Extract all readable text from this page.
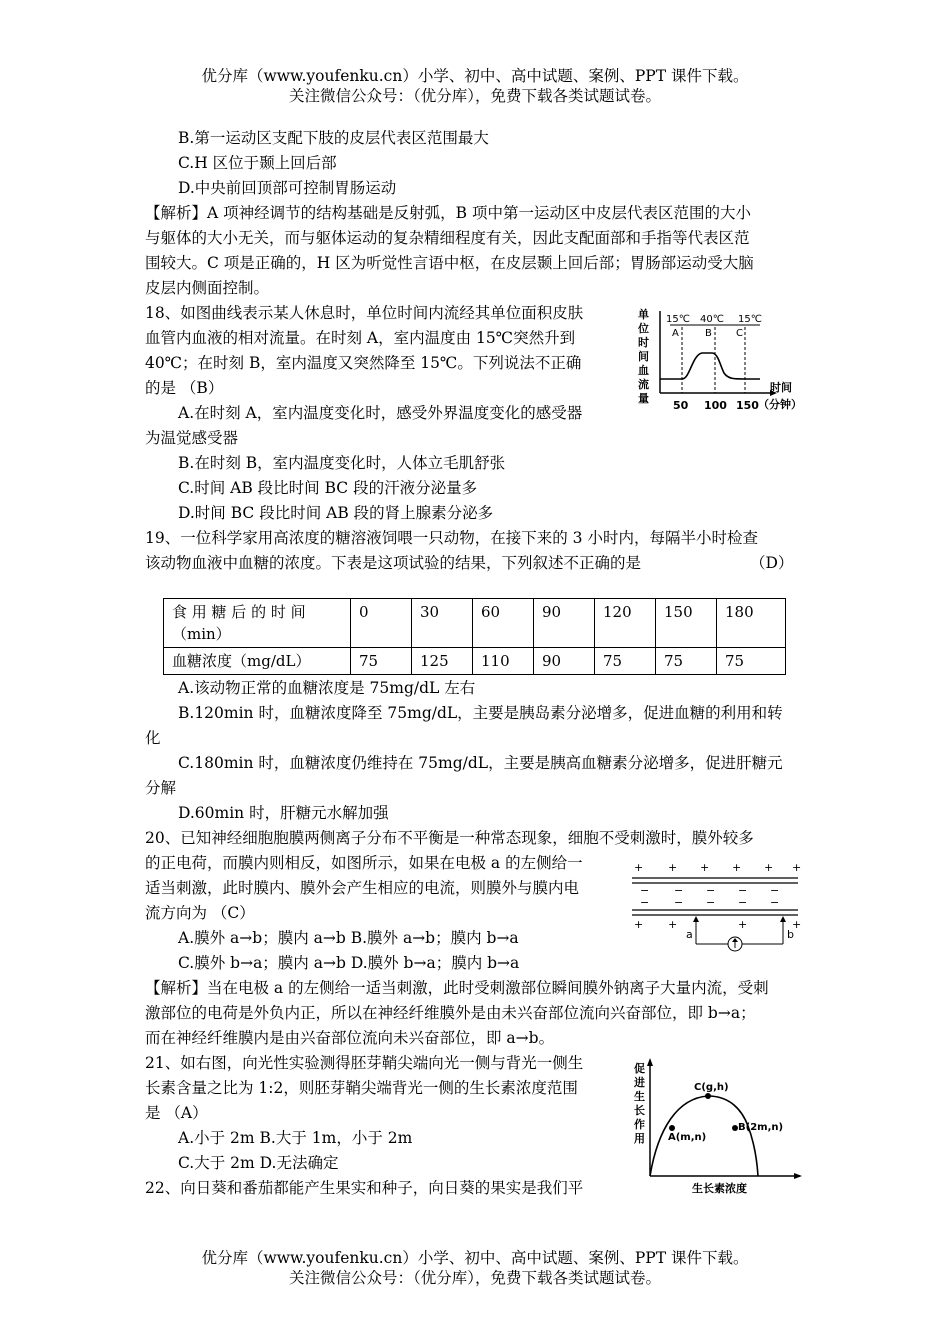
优分库（www.youfenku.cn）小学、初中、高中试题、案例、PPT 课件下载。
关注微信公众号：（优分库），免费下载各类试题试卷。
B.第一运动区支配下肢的皮层代表区范围最大
C.H 区位于颞上回后部
D.中央前回顶部可控制胃肠运动
【解析】A 项神经调节的结构基础是反射弧，B 项中第一运动区中皮层代表区范围的大小
与躯体的大小无关，而与躯体运动的复杂精细程度有关，因此支配面部和手指等代表区范
围较大。C 项是正确的，H 区为听觉性言语中枢，在皮层颞上回后部；胃肠部运动受大脑
皮层内侧面控制。
18、如图曲线表示某人休息时，单位时间内流经其单位面积皮肤
血管内血液的相对流量。在时刻 A，室内温度由 15℃突然升到
40℃；在时刻 B，室内温度又突然降至 15℃。下列说法不正确
的是 （B）
A.在时刻 A，室内温度变化时，感受外界温度变化的感受器
为温觉感受器
B.在时刻 B，室内温度变化时，人体立毛肌舒张
C.时间 AB 段比时间 BC 段的汗液分泌量多
D.时间 BC 段比时间 AB 段的肾上腺素分泌多
单
位
时
间
血
流
量
15℃ 40℃ 15℃
A	B C
50 100 150
时间
（分钟）
19、一位科学家用高浓度的糖溶液饲喂一只动物，在接下来的 3 小时内，每隔半小时检查
该动物血液中血糖的浓度。下表是这项试验的结果，下列叙述不正确的是	（D）
食 用 糖 后 的 时 间
（min）	0	30	60	90	120	150	180
血糖浓度（mg/dL）	75	125	110	90	75	75	75
A.该动物正常的血糖浓度是 75mg/dL 左右
B.120min 时，血糖浓度降至 75mg/dL，主要是胰岛素分泌增多，促进血糖的利用和转
化
C.180min 时，血糖浓度仍维持在 75mg/dL，主要是胰高血糖素分泌增多，促进肝糖元
分解
D.60min 时，肝糖元水解加强
20、已知神经细胞胞膜两侧离子分布不平衡是一种常态现象，细胞不受刺激时，膜外较多
的正电荷，而膜内则相反，如图所示，如果在电极 a 的左侧给一
适当刺激，此时膜内、膜外会产生相应的电流，则膜外与膜内电
流方向为 （C）
A.膜外 a→b；膜内 a→b B.膜外 a→b；膜内 b→a
C.膜外 b→a；膜内 a→b D.膜外 b→a；膜内 b→a
+ + + + + +
− − − − −
− − − − −
+ +	+	+
a	b
【解析】当在电极 a 的左侧给一适当刺激，此时受刺激部位瞬间膜外钠离子大量内流，受刺
激部位的电荷是外负内正，所以在神经纤维膜外是由未兴奋部位流向兴奋部位，即 b→a；
而在神经纤维膜内是由兴奋部位流向未兴奋部位，即 a→b。
21、如右图，向光性实验测得胚芽鞘尖端向光一侧与背光一侧生
长素含量之比为 1:2，则胚芽鞘尖端背光一侧的生长素浓度范围
是 （A）
A.小于 2m B.大于 1m，小于 2m
C.大于 2m D.无法确定
促
进
生
长
作
用
C(g,h)
A(m,n)
B(2m,n)
生长素浓度
22、向日葵和番茄都能产生果实和种子，向日葵的果实是我们平
优分库（www.youfenku.cn）小学、初中、高中试题、案例、PPT 课件下载。
关注微信公众号：（优分库），免费下载各类试题试卷。
